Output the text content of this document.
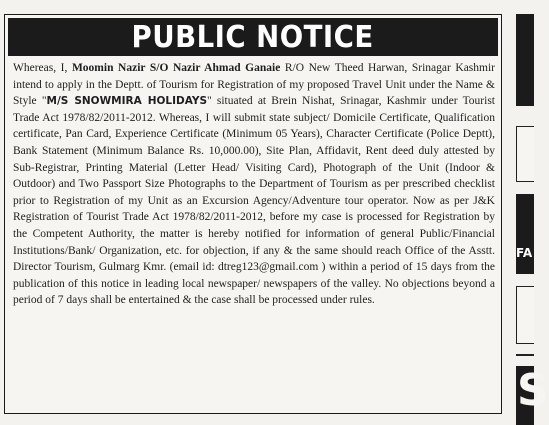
PUBLIC NOTICE
Whereas, I, Moomin Nazir S/O Nazir Ahmad Ganaie R/O New Theed Harwan, Srinagar Kashmir intend to apply in the Deptt. of Tourism for Registration of my proposed Travel Unit under the Name & Style "M/S SNOWMIRA HOLIDAYS" situated at Brein Nishat, Srinagar, Kashmir under Tourist Trade Act 1978/82/2011-2012. Whereas, I will submit state subject/ Domicile Certificate, Qualification certificate, Pan Card, Experience Certificate (Minimum 05 Years), Character Certificate (Police Deptt), Bank Statement (Minimum Balance Rs. 10,000.00), Site Plan, Affidavit, Rent deed duly attested by Sub-Registrar, Printing Material (Letter Head/ Visiting Card), Photograph of the Unit (Indoor & Outdoor) and Two Passport Size Photographs to the Department of Tourism as per prescribed checklist prior to Registration of my Unit as an Excursion Agency/Adventure tour operator. Now as per J&K Registration of Tourist Trade Act 1978/82/2011-2012, before my case is processed for Registration by the Competent Authority, the matter is hereby notified for information of general Public/Financial Institutions/Bank/ Organization, etc. for objection, if any & the same should reach Office of the Asstt. Director Tourism, Gulmarg Kmr. (email id: dtreg123@gmail.com ) within a period of 15 days from the publication of this notice in leading local newspaper/ newspapers of the valley. No objections beyond a period of 7 days shall be entertained & the case shall be processed under rules.
FA
S
